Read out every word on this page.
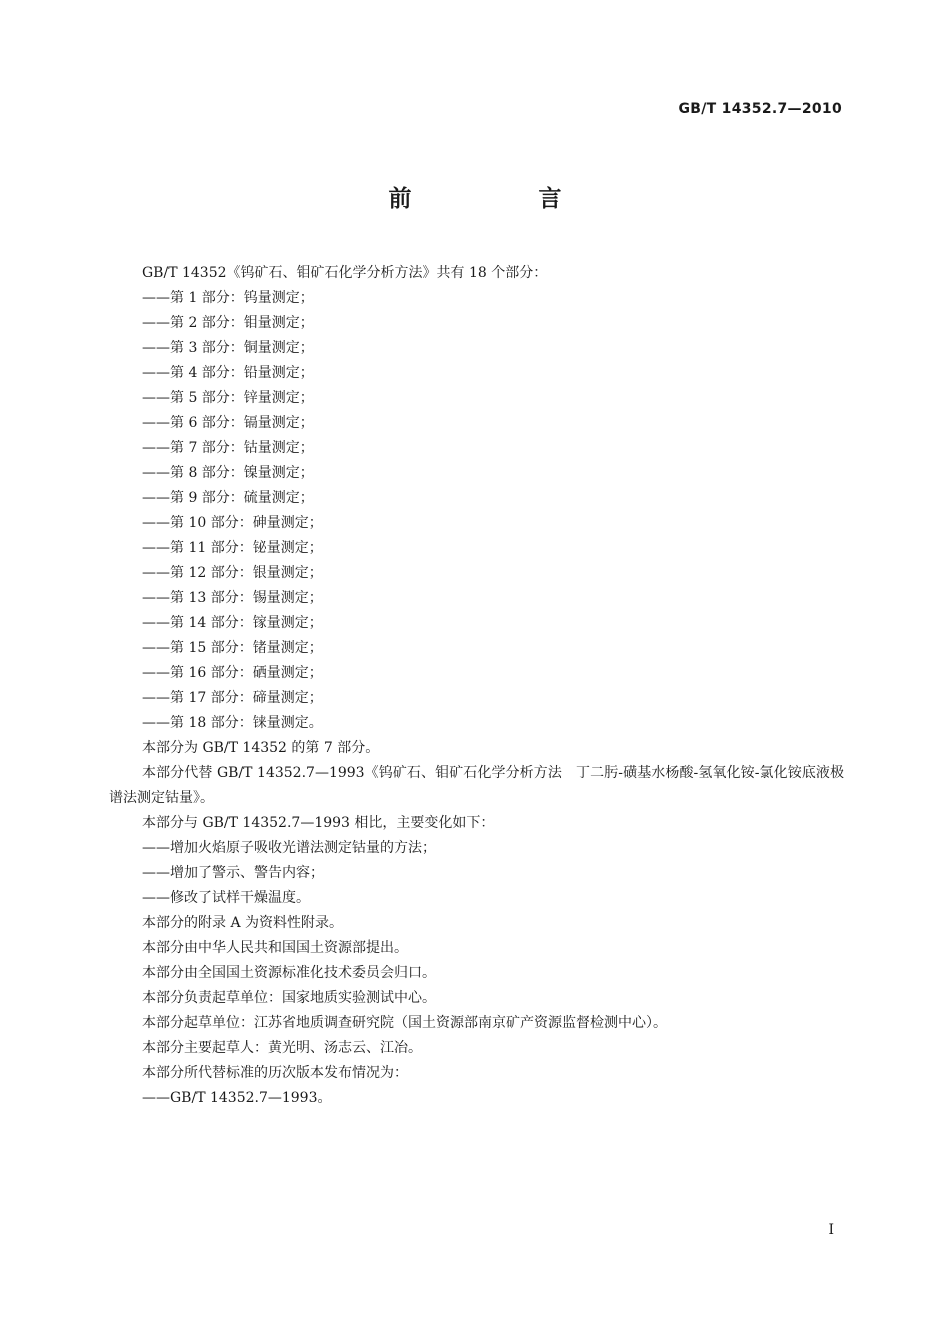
GB/T 14352.7—2010
前　言

GB/T 14352《钨矿石、钼矿石化学分析方法》共有 18 个部分：

——第 1 部分：钨量测定；

——第 2 部分：钼量测定；

——第 3 部分：铜量测定；

——第 4 部分：铅量测定；

——第 5 部分：锌量测定；

——第 6 部分：镉量测定；

——第 7 部分：钴量测定；

——第 8 部分：镍量测定；

——第 9 部分：硫量测定；

——第 10 部分：砷量测定；

——第 11 部分：铋量测定；

——第 12 部分：银量测定；

——第 13 部分：锡量测定；

——第 14 部分：镓量测定；

——第 15 部分：锗量测定；

——第 16 部分：硒量测定；

——第 17 部分：碲量测定；

——第 18 部分：铼量测定。

本部分为 GB/T 14352 的第 7 部分。

本部分代替 GB/T 14352.7—1993《钨矿石、钼矿石化学分析方法　丁二肟-磺基水杨酸-氢氧化铵-氯化铵底液极谱法测定钴量》。

本部分与 GB/T 14352.7—1993 相比，主要变化如下：

——增加火焰原子吸收光谱法测定钴量的方法；

——增加了警示、警告内容；

——修改了试样干燥温度。

本部分的附录 A 为资料性附录。

本部分由中华人民共和国国土资源部提出。

本部分由全国国土资源标准化技术委员会归口。

本部分负责起草单位：国家地质实验测试中心。

本部分起草单位：江苏省地质调查研究院（国土资源部南京矿产资源监督检测中心）。

本部分主要起草人：黄光明、汤志云、江冶。

本部分所代替标准的历次版本发布情况为：

——GB/T 14352.7—1993。

I
